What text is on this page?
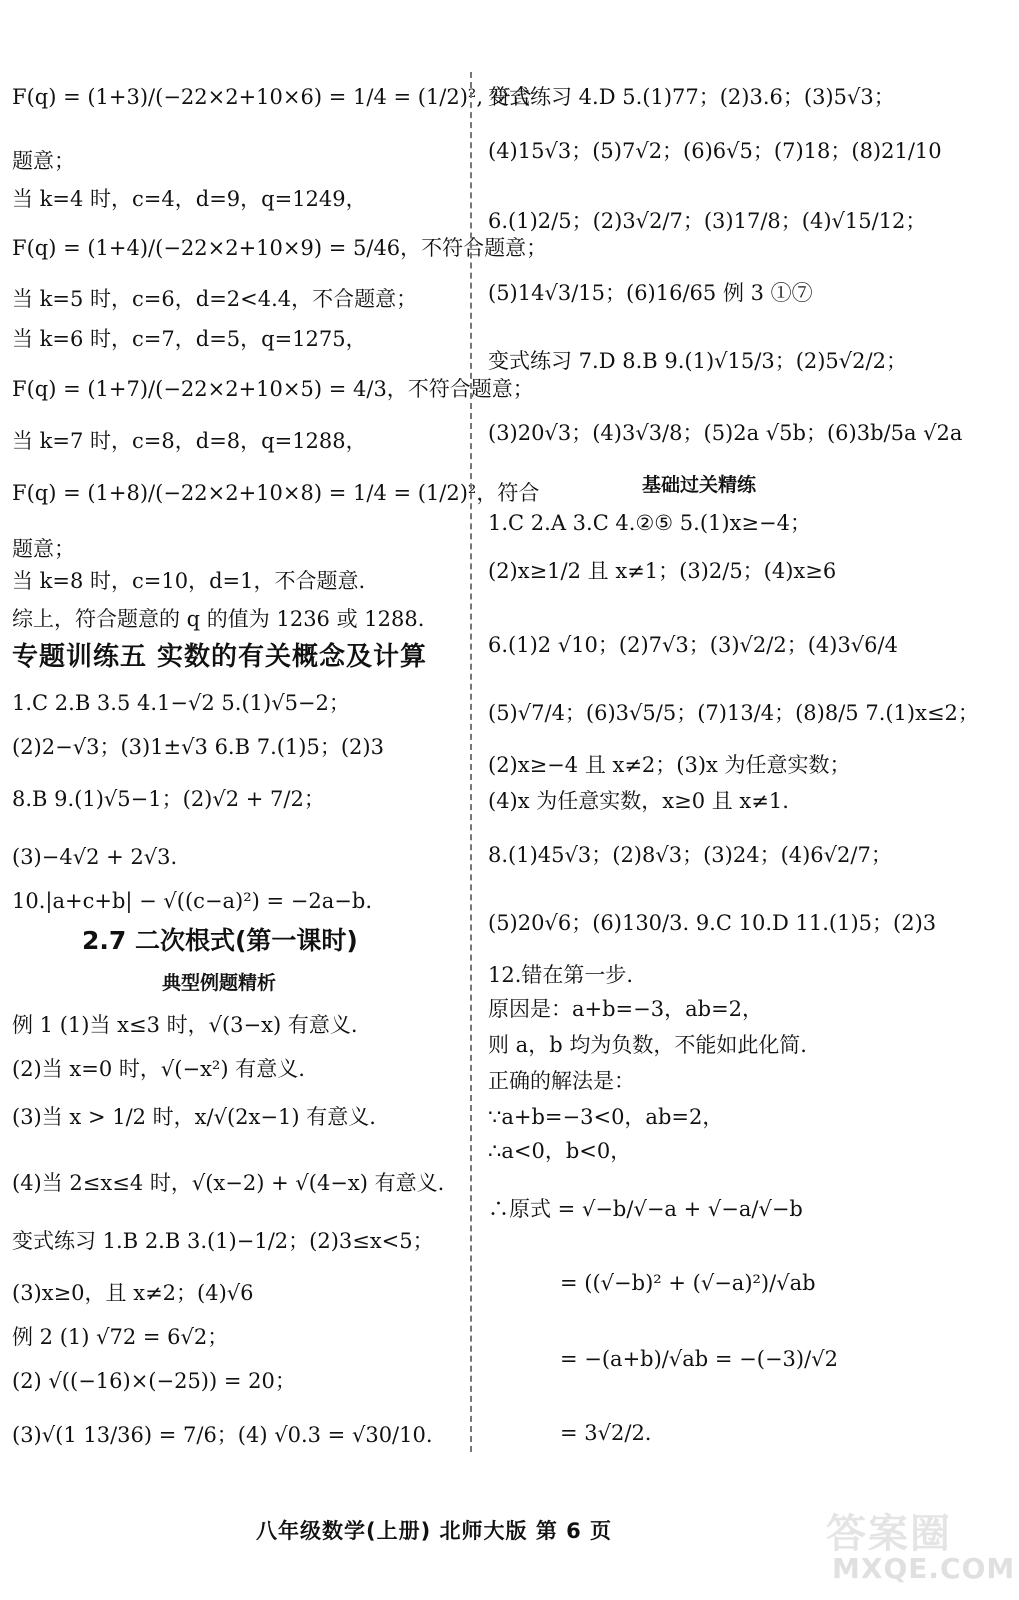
F(q) = (1+3)/(−22×2+10×6) = 1/4 = (1/2)², 符合
题意；
当 k=4 时，c=4，d=9，q=1249，
F(q) = (1+4)/(−22×2+10×9) = 5/46，不符合题意；
当 k=5 时，c=6，d=2<4.4，不合题意；
当 k=6 时，c=7，d=5，q=1275，
F(q) = (1+7)/(−22×2+10×5) = 4/3，不符合题意；
当 k=7 时，c=8，d=8，q=1288，
F(q) = (1+8)/(−22×2+10×8) = 1/4 = (1/2)²，符合
题意；
当 k=8 时，c=10，d=1，不合题意.
综上，符合题意的 q 的值为 1236 或 1288.
专题训练五 实数的有关概念及计算
1.C 2.B 3.5 4.1−√2 5.(1)√5−2；
(2)2−√3；(3)1±√3 6.B 7.(1)5；(2)3
8.B 9.(1)√5−1；(2)√2 + 7/2；
(3)−4√2 + 2√3.
10.|a+c+b| − √((c−a)²) = −2a−b.
2.7 二次根式(第一课时)
典型例题精析
例 1 (1)当 x≤3 时，√(3−x) 有意义.
(2)当 x=0 时，√(−x²) 有意义.
(3)当 x > 1/2 时，x/√(2x−1) 有意义.
(4)当 2≤x≤4 时，√(x−2) + √(4−x) 有意义.
变式练习 1.B 2.B 3.(1)−1/2；(2)3≤x<5；
(3)x≥0，且 x≠2；(4)√6
例 2 (1) √72 = 6√2；
(2) √((−16)×(−25)) = 20；
(3)√(1 13/36) = 7/6；(4) √0.3 = √30/10.
变式练习 4.D 5.(1)77；(2)3.6；(3)5√3；
(4)15√3；(5)7√2；(6)6√5；(7)18；(8)21/10
6.(1)2/5；(2)3√2/7；(3)17/8；(4)√15/12；
(5)14√3/15；(6)16/65 例 3 ①⑦
变式练习 7.D 8.B 9.(1)√15/3；(2)5√2/2；
(3)20√3；(4)3√3/8；(5)2a √5b；(6)3b/5a √2a
基础过关精练
1.C 2.A 3.C 4.②⑤ 5.(1)x≥−4；
(2)x≥1/2 且 x≠1；(3)2/5；(4)x≥6
6.(1)2 √10；(2)7√3；(3)√2/2；(4)3√6/4
(5)√7/4；(6)3√5/5；(7)13/4；(8)8/5 7.(1)x≤2；
(2)x≥−4 且 x≠2；(3)x 为任意实数；
(4)x 为任意实数，x≥0 且 x≠1.
8.(1)45√3；(2)8√3；(3)24；(4)6√2/7；
(5)20√6；(6)130/3. 9.C 10.D 11.(1)5；(2)3
12.错在第一步.
原因是：a+b=−3，ab=2，
则 a，b 均为负数，不能如此化简.
正确的解法是：
∵a+b=−3<0，ab=2，
∴a<0，b<0，
∴原式 = √−b/√−a + √−a/√−b
= ((√−b)² + (√−a)²)/√ab
= −(a+b)/√ab = −(−3)/√2
= 3√2/2.
八年级数学(上册) 北师大版 第 6 页	答案圈
MXQE.COM
